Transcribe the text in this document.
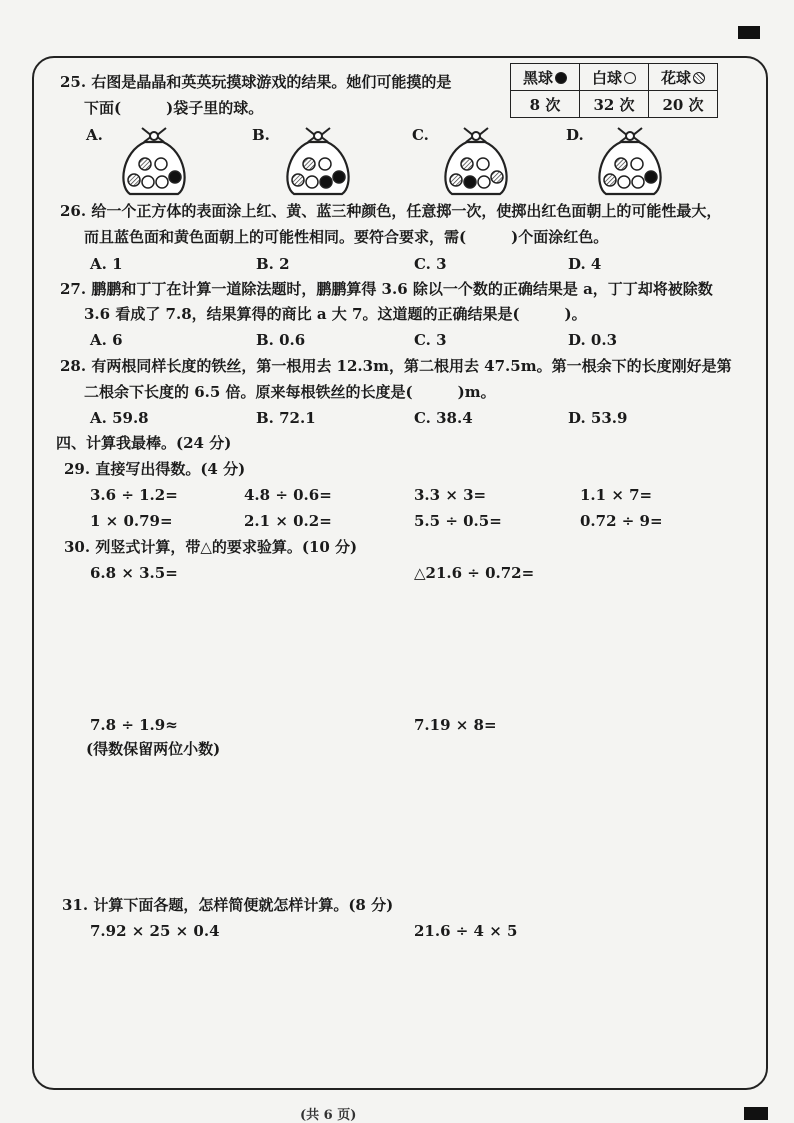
25. 右图是晶晶和英英玩摸球游戏的结果。她们可能摸的是
下面(　　　)袋子里的球。
黑球	白球	花球
8 次	32 次	20 次
A.	B.	C.	D.
26. 给一个正方体的表面涂上红、黄、蓝三种颜色，任意掷一次，使掷出红色面朝上的可能性最大，
而且蓝色面和黄色面朝上的可能性相同。要符合要求，需(　　　)个面涂红色。
A. 1	B. 2	C. 3	D. 4
27. 鹏鹏和丁丁在计算一道除法题时，鹏鹏算得 3.6 除以一个数的正确结果是 a，丁丁却将被除数
3.6 看成了 7.8，结果算得的商比 a 大 7。这道题的正确结果是(　　　)。
A. 6	B. 0.6	C. 3	D. 0.3
28. 有两根同样长度的铁丝，第一根用去 12.3m，第二根用去 47.5m。第一根余下的长度刚好是第
二根余下长度的 6.5 倍。原来每根铁丝的长度是(　　　)m。
A. 59.8	B. 72.1	C. 38.4	D. 53.9
四、计算我最棒。(24 分)
29. 直接写出得数。(4 分)
3.6 ÷ 1.2=	4.8 ÷ 0.6=	3.3 × 3=	1.1 × 7=
1 × 0.79=	2.1 × 0.2=	5.5 ÷ 0.5=	0.72 ÷ 9=
30. 列竖式计算，带△的要求验算。(10 分)
6.8 × 3.5=	△21.6 ÷ 0.72=
7.8 ÷ 1.9≈	7.19 × 8=
(得数保留两位小数)
31. 计算下面各题，怎样简便就怎样计算。(8 分)
7.92 × 25 × 0.4	21.6 ÷ 4 × 5
(共 6 页)
